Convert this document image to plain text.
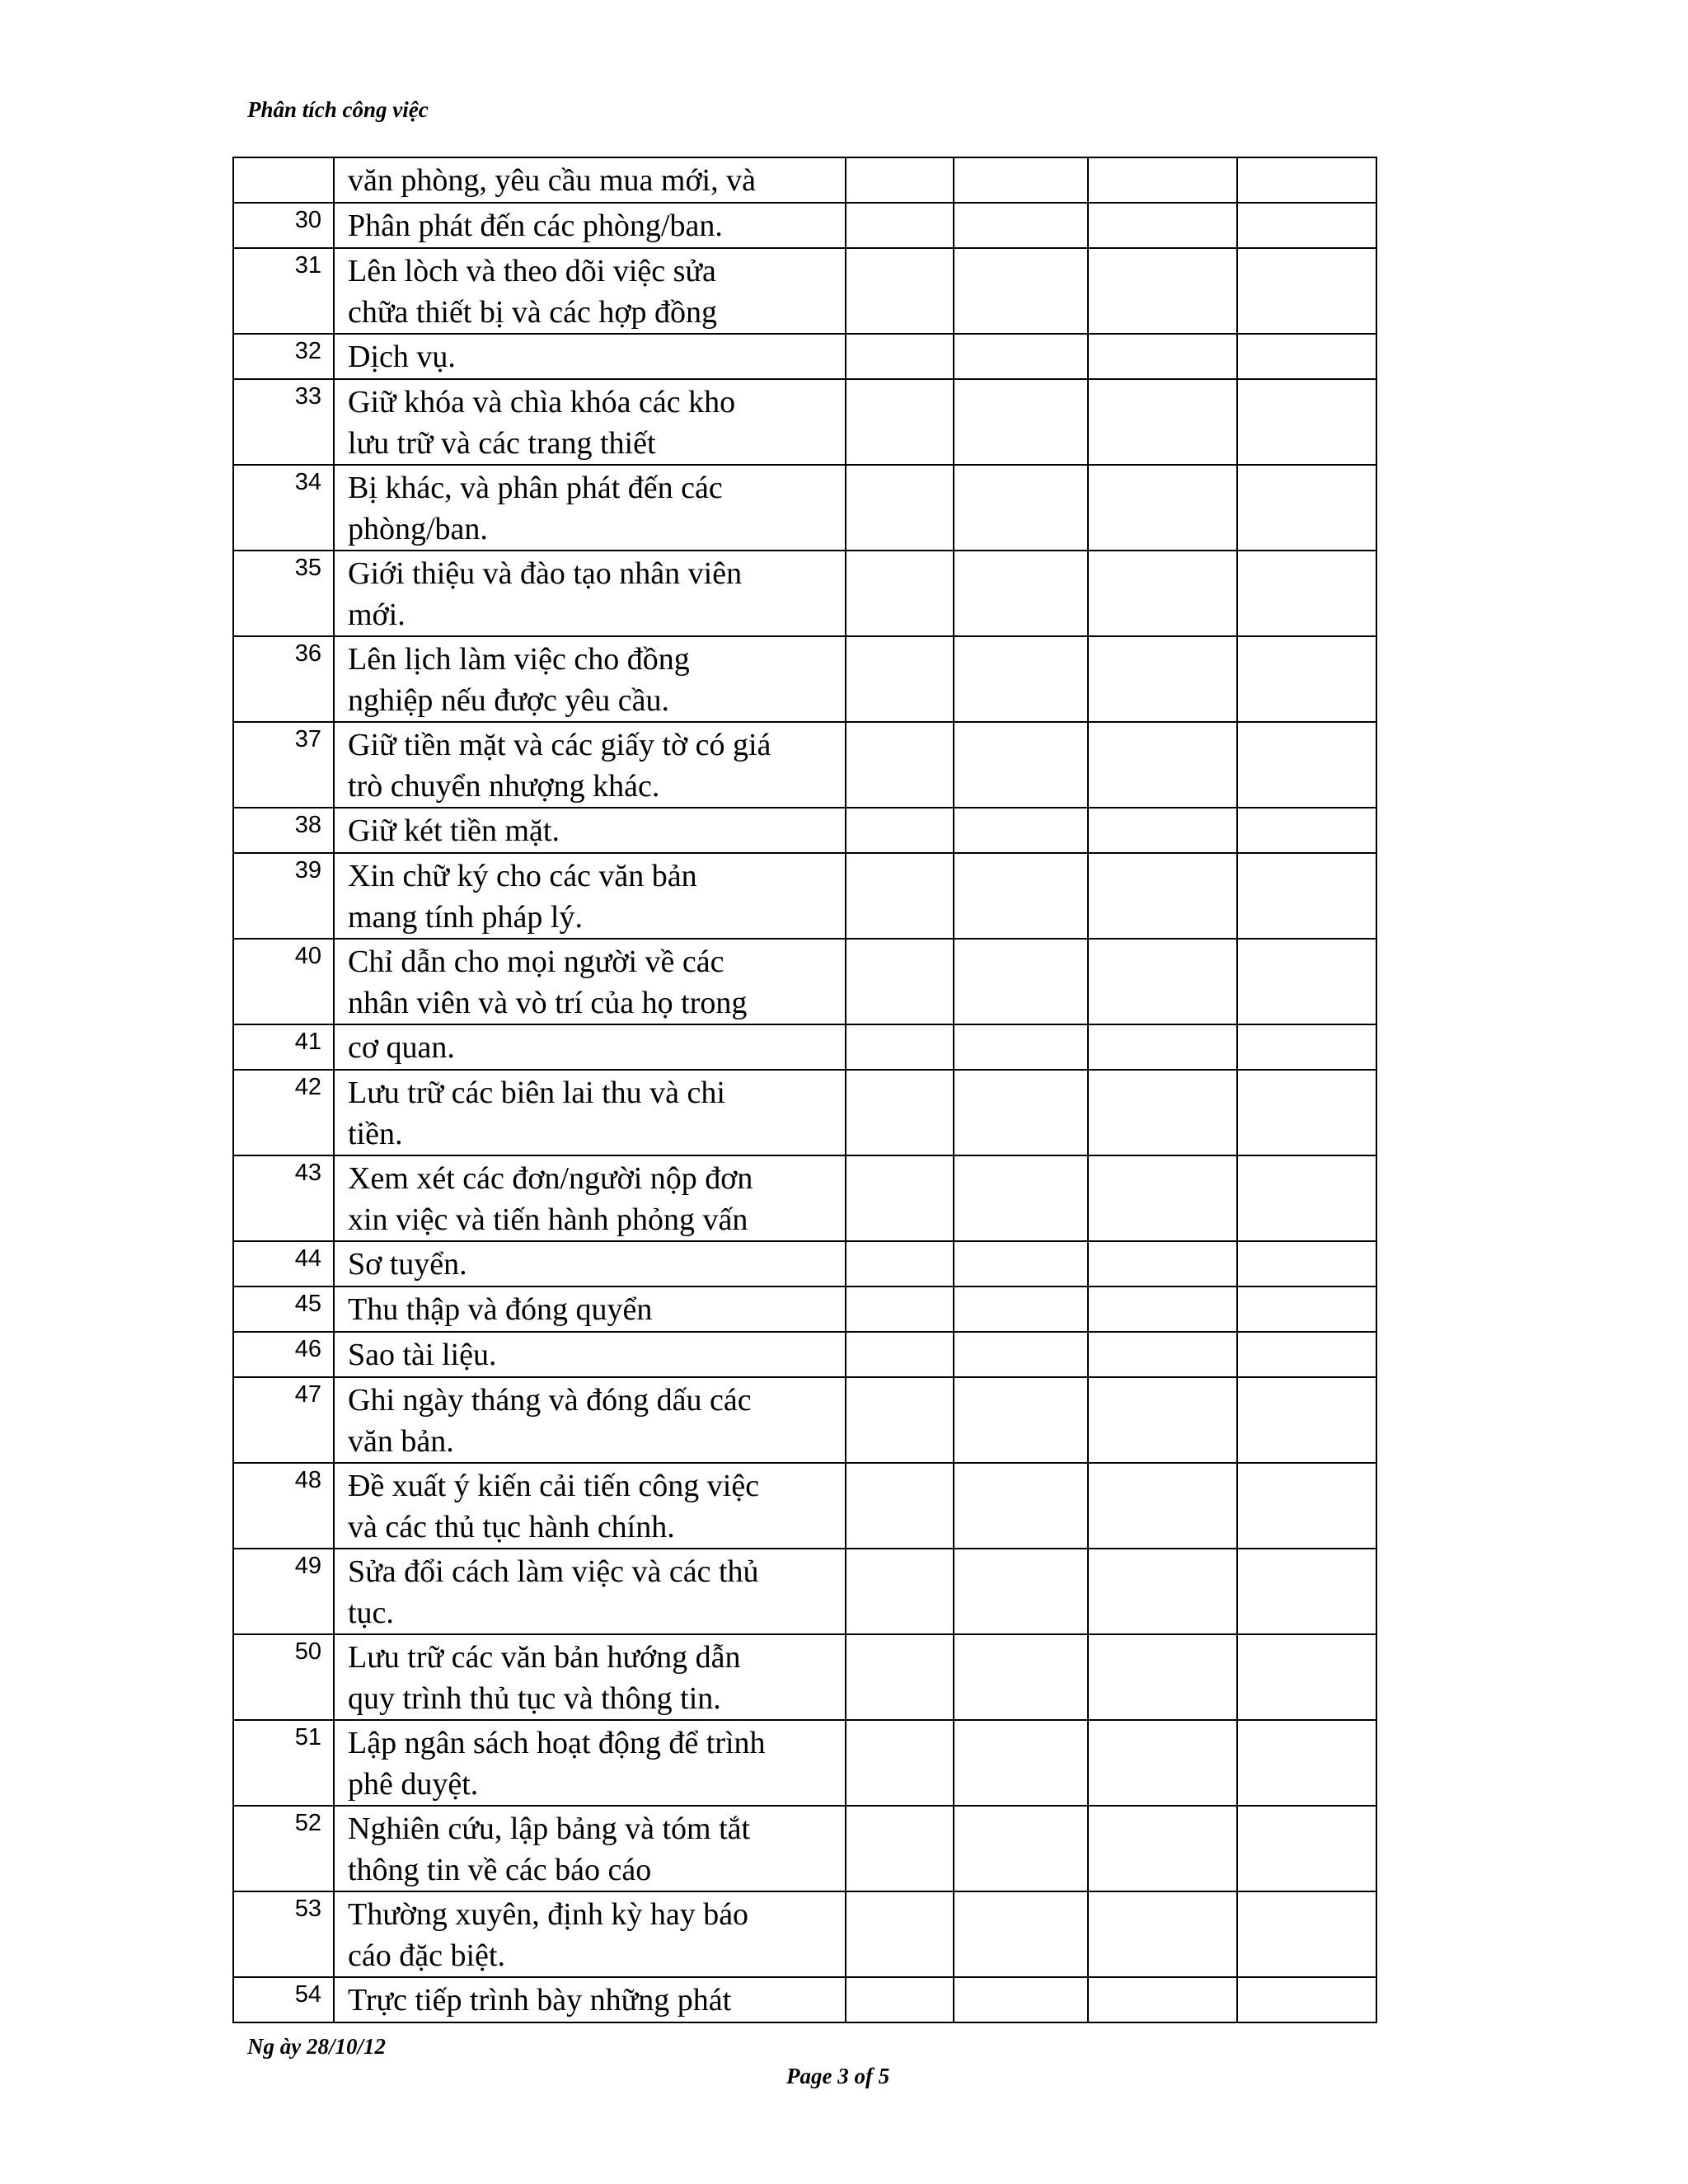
Phân tích công việc

	văn phòng, yêu cầu mua mới, và				

30	Phân phát đến các phòng/ban.				

31	Lên lòch và theo dõi việc sửa
chữa thiết bị và các hợp đồng				

32	Dịch vụ.				

33	Giữ khóa và chìa khóa các kho
lưu trữ và các trang thiết				

34	Bị khác, và phân phát đến các
phòng/ban.				

35	Giới thiệu và đào tạo nhân viên
mới.				

36	Lên lịch làm việc cho đồng
nghiệp nếu được yêu cầu.				

37	Giữ tiền mặt và các giấy tờ có giá
trò chuyển nhượng khác.				

38	Giữ két tiền mặt.				

39	Xin chữ ký cho các văn bản
mang tính pháp lý.				

40	Chỉ dẫn cho mọi người về các
nhân viên và vò trí của họ trong				

41	cơ quan.				

42	Lưu trữ các biên lai thu và chi
tiền.				

43	Xem xét các đơn/người nộp đơn
xin việc và tiến hành phỏng vấn				

44	Sơ tuyển.				

45	Thu thập và đóng quyển				

46	Sao tài liệu.				

47	Ghi ngày tháng và đóng dấu các
văn bản.				

48	Đề xuất ý kiến cải tiến công việc
và các thủ tục hành chính.				

49	Sửa đổi cách làm việc và các thủ
tục.				

50	Lưu trữ các văn bản hướng dẫn
quy trình thủ tục và thông tin.				

51	Lập ngân sách hoạt động để trình
phê duyệt.				

52	Nghiên cứu, lập bảng và tóm tắt
thông tin về các báo cáo				

53	Thường xuyên, định kỳ hay báo
cáo đặc biệt.				

54	Trực tiếp trình bày những phát				

Ng ày 28/10/12
Page 3 of 5
